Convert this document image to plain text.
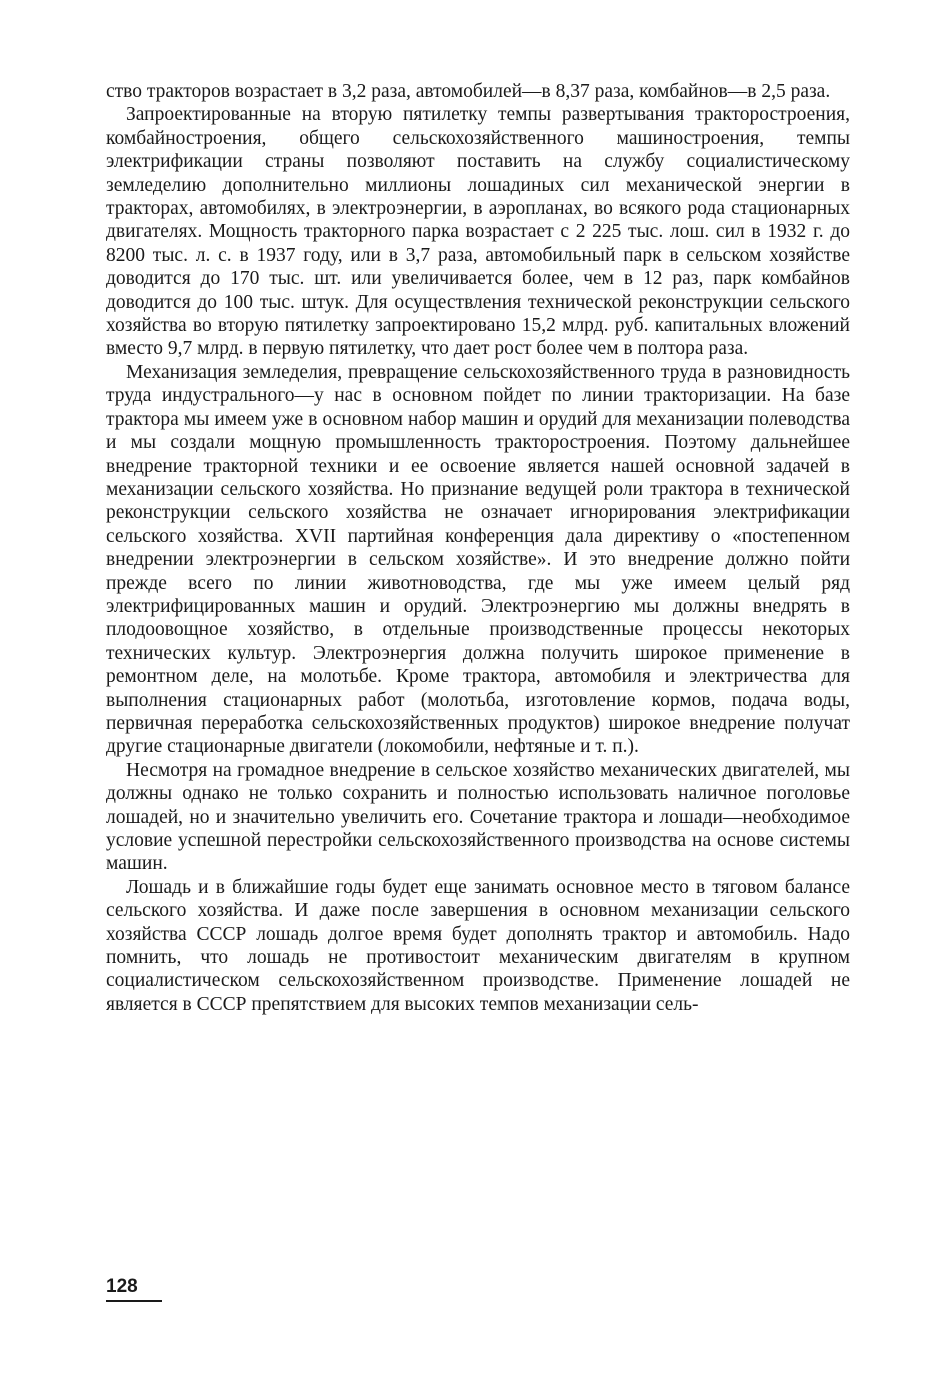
ство тракторов возрастает в 3,2 раза, автомобилей—в 8,37 раза, комбайнов—в 2,5 раза.

Запроектированные на вторую пятилетку темпы развертывания тракторостроения, комбайностроения, общего сельскохозяйственного машиностроения, темпы электрификации страны позволяют поставить на службу социалистическому земледелию дополнительно миллионы лошадиных сил механической энергии в тракторах, автомобилях, в электроэнергии, в аэропланах, во всякого рода стационарных двигателях. Мощность тракторного парка возрастает с 2 225 тыс. лош. сил в 1932 г. до 8200 тыс. л. с. в 1937 году, или в 3,7 раза, автомобильный парк в сельском хозяйстве доводится до 170 тыс. шт. или увеличивается более, чем в 12 раз, парк комбайнов доводится до 100 тыс. штук. Для осуществления технической реконструкции сельского хозяйства во вторую пятилетку запроектировано 15,2 млрд. руб. капитальных вложений вместо 9,7 млрд. в первую пятилетку, что дает рост более чем в полтора раза.

Механизация земледелия, превращение сельскохозяйственного труда в разновидность труда индустрального—у нас в основном пойдет по линии тракторизации. На базе трактора мы имеем уже в основном набор машин и орудий для механизации полеводства и мы создали мощную промышленность тракторостроения. Поэтому дальнейшее внедрение тракторной техники и ее освоение является нашей основной задачей в механизации сельского хозяйства. Но признание ведущей роли трактора в технической реконструкции сельского хозяйства не означает игнорирования электрификации сельского хозяйства. XVII партийная конференция дала директиву о «постепенном внедрении электроэнергии в сельском хозяйстве». И это внедрение должно пойти прежде всего по линии животноводства, где мы уже имеем целый ряд электрифицированных машин и орудий. Электроэнергию мы должны внедрять в плодоовощное хозяйство, в отдельные производственные процессы некоторых технических культур. Электроэнергия должна получить широкое применение в ремонтном деле, на молотьбе. Кроме трактора, автомобиля и электричества для выполнения стационарных работ (молотьба, изготовление кормов, подача воды, первичная переработка сельскохозяйственных продуктов) широкое внедрение получат другие стационарные двигатели (локомобили, нефтяные и т. п.).

Несмотря на громадное внедрение в сельское хозяйство механических двигателей, мы должны однако не только сохранить и полностью использовать наличное поголовье лошадей, но и значительно увеличить его. Сочетание трактора и лошади—необходимое условие успешной перестройки сельскохозяйственного производства на основе системы машин.

Лошадь и в ближайшие годы будет еще занимать основное место в тяговом балансе сельского хозяйства. И даже после завершения в основном механизации сельского хозяйства СССР лошадь долгое время будет дополнять трактор и автомобиль. Надо помнить, что лошадь не противостоит механическим двигателям в крупном социалистическом сельскохозяйственном производстве. Применение лошадей не является в СССР препятствием для высоких темпов механизации сель-

128
